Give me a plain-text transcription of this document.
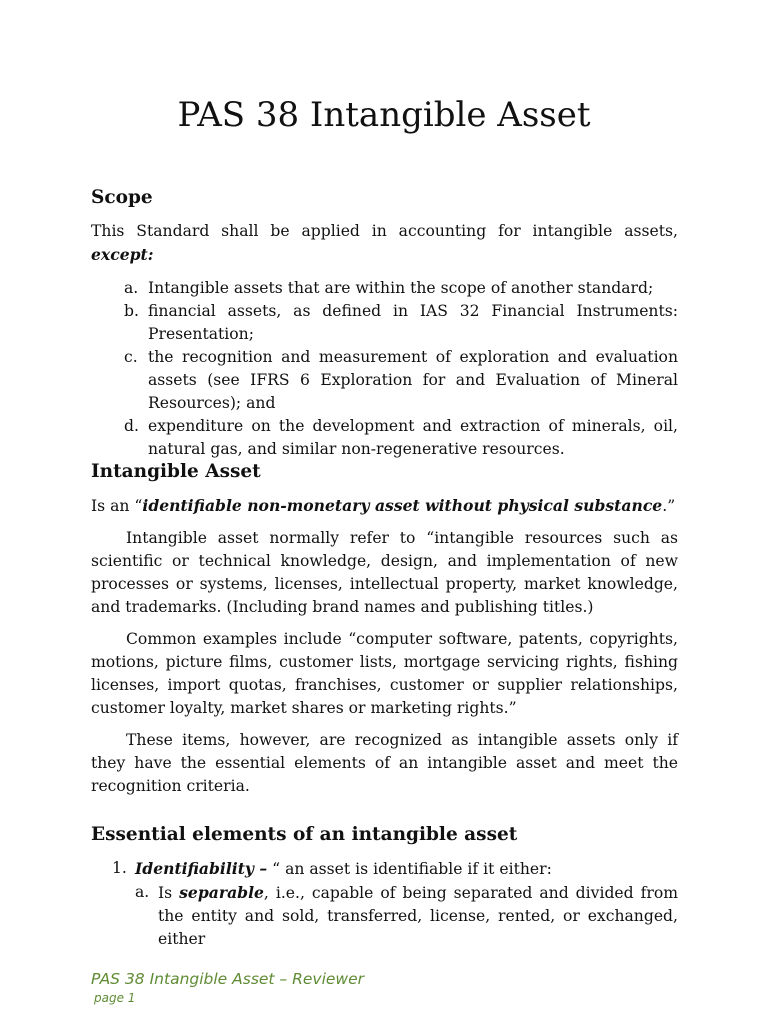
PAS 38 Intangible Asset
Scope

This Standard shall be applied in accounting for intangible assets, except:

a. Intangible assets that are within the scope of another standard;
b. financial assets, as defined in IAS 32 Financial Instruments: Presentation;
c. the recognition and measurement of exploration and evaluation assets (see IFRS 6 Exploration for and Evaluation of Mineral Resources); and
d. expenditure on the development and extraction of minerals, oil, natural gas, and similar non-regenerative resources.
Intangible Asset

Is an “identifiable non-monetary asset without physical substance.”

Intangible asset normally refer to “intangible resources such as scientific or technical knowledge, design, and implementation of new processes or systems, licenses, intellectual property, market knowledge, and trademarks. (Including brand names and publishing titles.)

Common examples include “computer software, patents, copyrights, motions, picture films, customer lists, mortgage servicing rights, fishing licenses, import quotas, franchises, customer or supplier relationships, customer loyalty, market shares or marketing rights.”

These items, however, are recognized as intangible assets only if they have the essential elements of an intangible asset and meet the recognition criteria.

Essential elements of an intangible asset
1. Identifiability – “ an asset is identifiable if it either:
a. Is separable, i.e., capable of being separated and divided from the entity and sold, transferred, license, rented, or exchanged, either
PAS 38 Intangible Asset – Reviewer
page 1
